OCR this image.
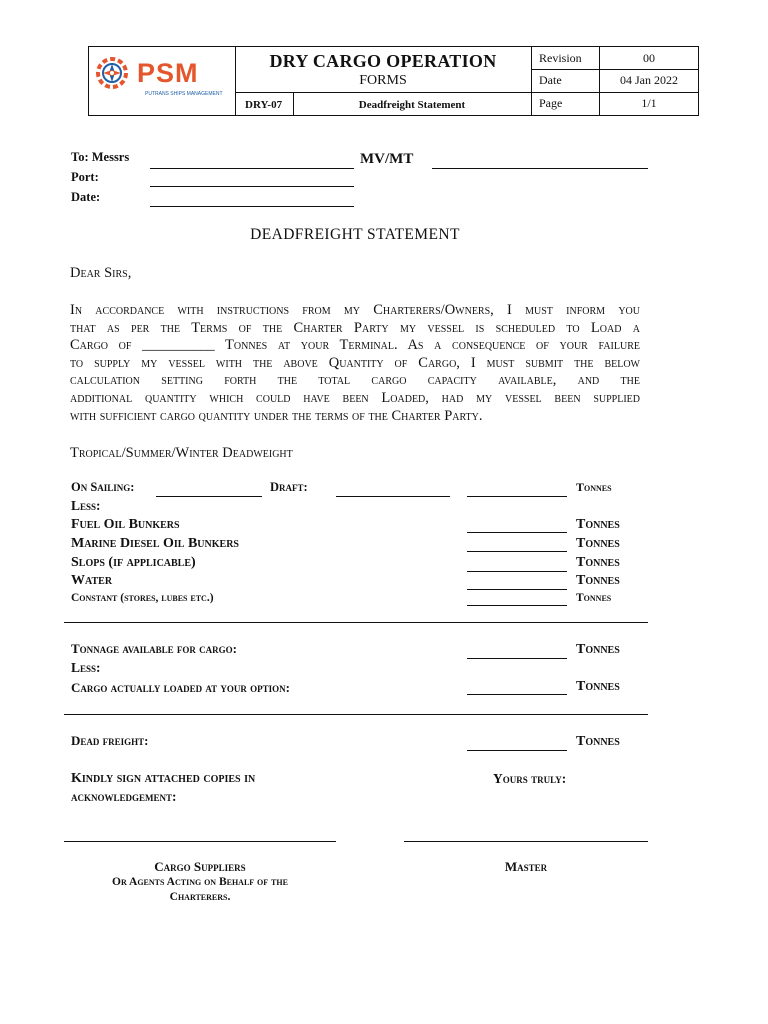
PSM
PUTRANS SHIPS MANAGEMENT
DRY CARGO OPERATION
FORMS
DRY-07	Deadfreight Statement
Revision	00
Date	04 Jan 2022
Page	1/1
To: Messrs
Port:
Date:
MV/MT
DEADFREIGHT STATEMENT
Dear Sirs,

In accordance with instructions from my Charterers/Owners, I must inform you

that as per the Terms of the Charter Party my vessel is scheduled to Load a

Cargo of __________ Tonnes at your Terminal. As a consequence of your failure

to supply my vessel with the above Quantity of Cargo, I must submit the below

calculation setting forth the total cargo capacity available, and the

additional quantity which could have been Loaded, had my vessel been supplied

with sufficient cargo quantity under the terms of the Charter Party.

Tropical/Summer/Winter Deadweight
On Sailing:	Draft:	Tonnes
Less:
Fuel Oil Bunkers	Tonnes
Marine Diesel Oil Bunkers	Tonnes
Slops (if applicable)	Tonnes
Water	Tonnes
Constant (stores, lubes etc.)	Tonnes
Tonnage available for cargo:	Tonnes
Less:
Cargo actually loaded at your option:	Tonnes
Dead freight:	Tonnes
Kindly sign attached copies in
acknowledgement:
Yours truly:
Cargo Suppliers
Or Agents Acting on Behalf of the
Charterers.
Master
